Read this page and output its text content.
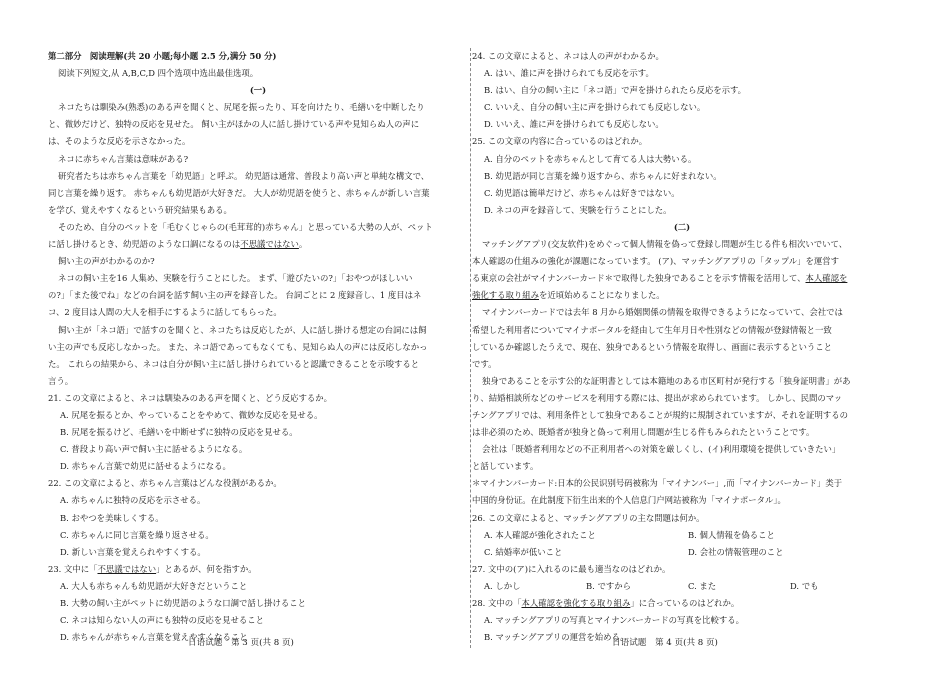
第二部分　阅读理解(共 20 小题;每小题 2.5 分,满分 50 分)

阅读下列短文,从 A,B,C,D 四个选项中选出最佳选项。

(一)

ネコたちは馴染み(熟悉)のある声を聞くと、尻尾を振ったり、耳を向けたり、毛繕いを中断したり

と、微妙だけど、独特の反応を見せた。 飼い主がほかの人に話し掛けている声や見知らぬ人の声に

は、そのような反応を示さなかった。

ネコに赤ちゃん言葉は意味がある?

研究者たちは赤ちゃん言葉を「幼児語」と呼ぶ。 幼児語は通常、普段より高い声と単純な構文で、

同じ言葉を繰り返す。 赤ちゃんも幼児語が大好きだ。 大人が幼児語を使うと、赤ちゃんが新しい言葉

を学び、覚えやすくなるという研究結果もある。

そのため、自分のペットを「毛むくじゃらの(毛茸茸的)赤ちゃん」と思っている大勢の人が、ペット

に話し掛けるとき、幼児語のような口調になるのは不思議ではない。

飼い主の声がわかるのか?

ネコの飼い主を16 人集め、実験を行うことにした。 まず、「遊びたいの?」「おやつがほしいい

の?」「また後でね」などの台詞を話す飼い主の声を録音した。 台詞ごとに 2 度録音し、1 度目はネ

コ、2 度目は人間の大人を相手にするように話してもらった。

飼い主が「ネコ語」で話すのを聞くと、ネコたちは反応したが、人に話し掛ける想定の台詞には飼

い主の声でも反応しなかった。 また、ネコ語であってもなくても、見知らぬ人の声には反応しなかっ

た。 これらの結果から、ネコは自分が飼い主に話し掛けられていると認識できることを示唆すると

言う。

21. この文章によると、ネコは馴染みのある声を聞くと、どう反応するか。

A. 尻尾を振るとか、やっていることをやめて、微妙な反応を見せる。

B. 尻尾を振るけど、毛繕いを中断せずに独特の反応を見せる。

C. 普段より高い声で飼い主に話せるようになる。

D. 赤ちゃん言葉で幼児に話せるようになる。

22. この文章によると、赤ちゃん言葉はどんな役割があるか。

A. 赤ちゃんに独特の反応を示させる。

B. おやつを美味しくする。

C. 赤ちゃんに同じ言葉を繰り返させる。

D. 新しい言葉を覚えられやすくする。

23. 文中に「不思議ではない」とあるが、何を指すか。

A. 大人も赤ちゃんも幼児語が大好きだということ

B. 大勢の飼い主がペットに幼児語のような口調で話し掛けること

C. ネコは知らない人の声にも独特の反応を見せること

D. 赤ちゃんが赤ちゃん言葉を覚えやすくなること

24. この文章によると、ネコは人の声がわかるか。

A. はい、誰に声を掛けられても反応を示す。

B. はい、自分の飼い主に「ネコ語」で声を掛けられたら反応を示す。

C. いいえ、自分の飼い主に声を掛けられても反応しない。

D. いいえ、誰に声を掛けられても反応しない。

25. この文章の内容に合っているのはどれか。

A. 自分のペットを赤ちゃんとして育てる人は大勢いる。

B. 幼児語が同じ言葉を繰り返すから、赤ちゃんに好まれない。

C. 幼児語は簡単だけど、赤ちゃんは好きではない。

D. ネコの声を録音して、実験を行うことにした。

(二)

マッチングアプリ(交友软件)をめぐって個人情報を偽って登録し問題が生じる件も相次いでいて、

本人確認の仕組みの強化が課題になっています。 (ア)、マッチングアプリの「タップル」を運営す

る東京の会社がマイナンバーカード＊で取得した独身であることを示す情報を活用して、本人確認を

強化する取り組みを近頃始めることになりました。

マイナンバーカードでは去年 8 月から婚姻関係の情報を取得できるようになっていて、会社では

希望した利用者についてマイナポータルを経由して生年月日や性別などの情報が登録情報と一致

しているか確認したうえで、現在、独身であるという情報を取得し、画面に表示するということ

です。

独身であることを示す公的な証明書としては本籍地のある市区町村が発行する「独身証明書」があ

り、結婚相談所などのサービスを利用する際には、提出が求められています。 しかし、民間のマッ

チングアプリでは、利用条件として独身であることが規約に規制されていますが、それを証明するの

は非必須のため、既婚者が独身と偽って利用し問題が生じる件もみられたということです。

会社は「既婚者利用などの不正利用者への対策を厳しくし、(イ)利用環境を提供していきたい」

と話しています。

＊マイナンバーカード:日本的公民识别号码被称为「マイナンバー」,而「マイナンバーカード」类于

中国的身份证。在此制度下衍生出来的个人信息门户网站被称为「マイナポータル」。

26. この文章によると、マッチングアプリの主な問題は何か。

A. 本人確認が強化されたこと	B. 個人情報を偽ること

C. 結婚率が低いこと	D. 会社の情報管理のこと

27. 文中の(ア)に入れるのに最も適当なのはどれか。

A. しかし	B. ですから	C. また	D. でも

28. 文中の「本人確認を強化する取り組み」に合っているのはどれか。

A. マッチングアプリの写真とマイナンバーカードの写真を比較する。

B. マッチングアプリの運営を始める。

日语试题　第 3 页(共 8 页)	日语试题　第 4 页(共 8 页)
